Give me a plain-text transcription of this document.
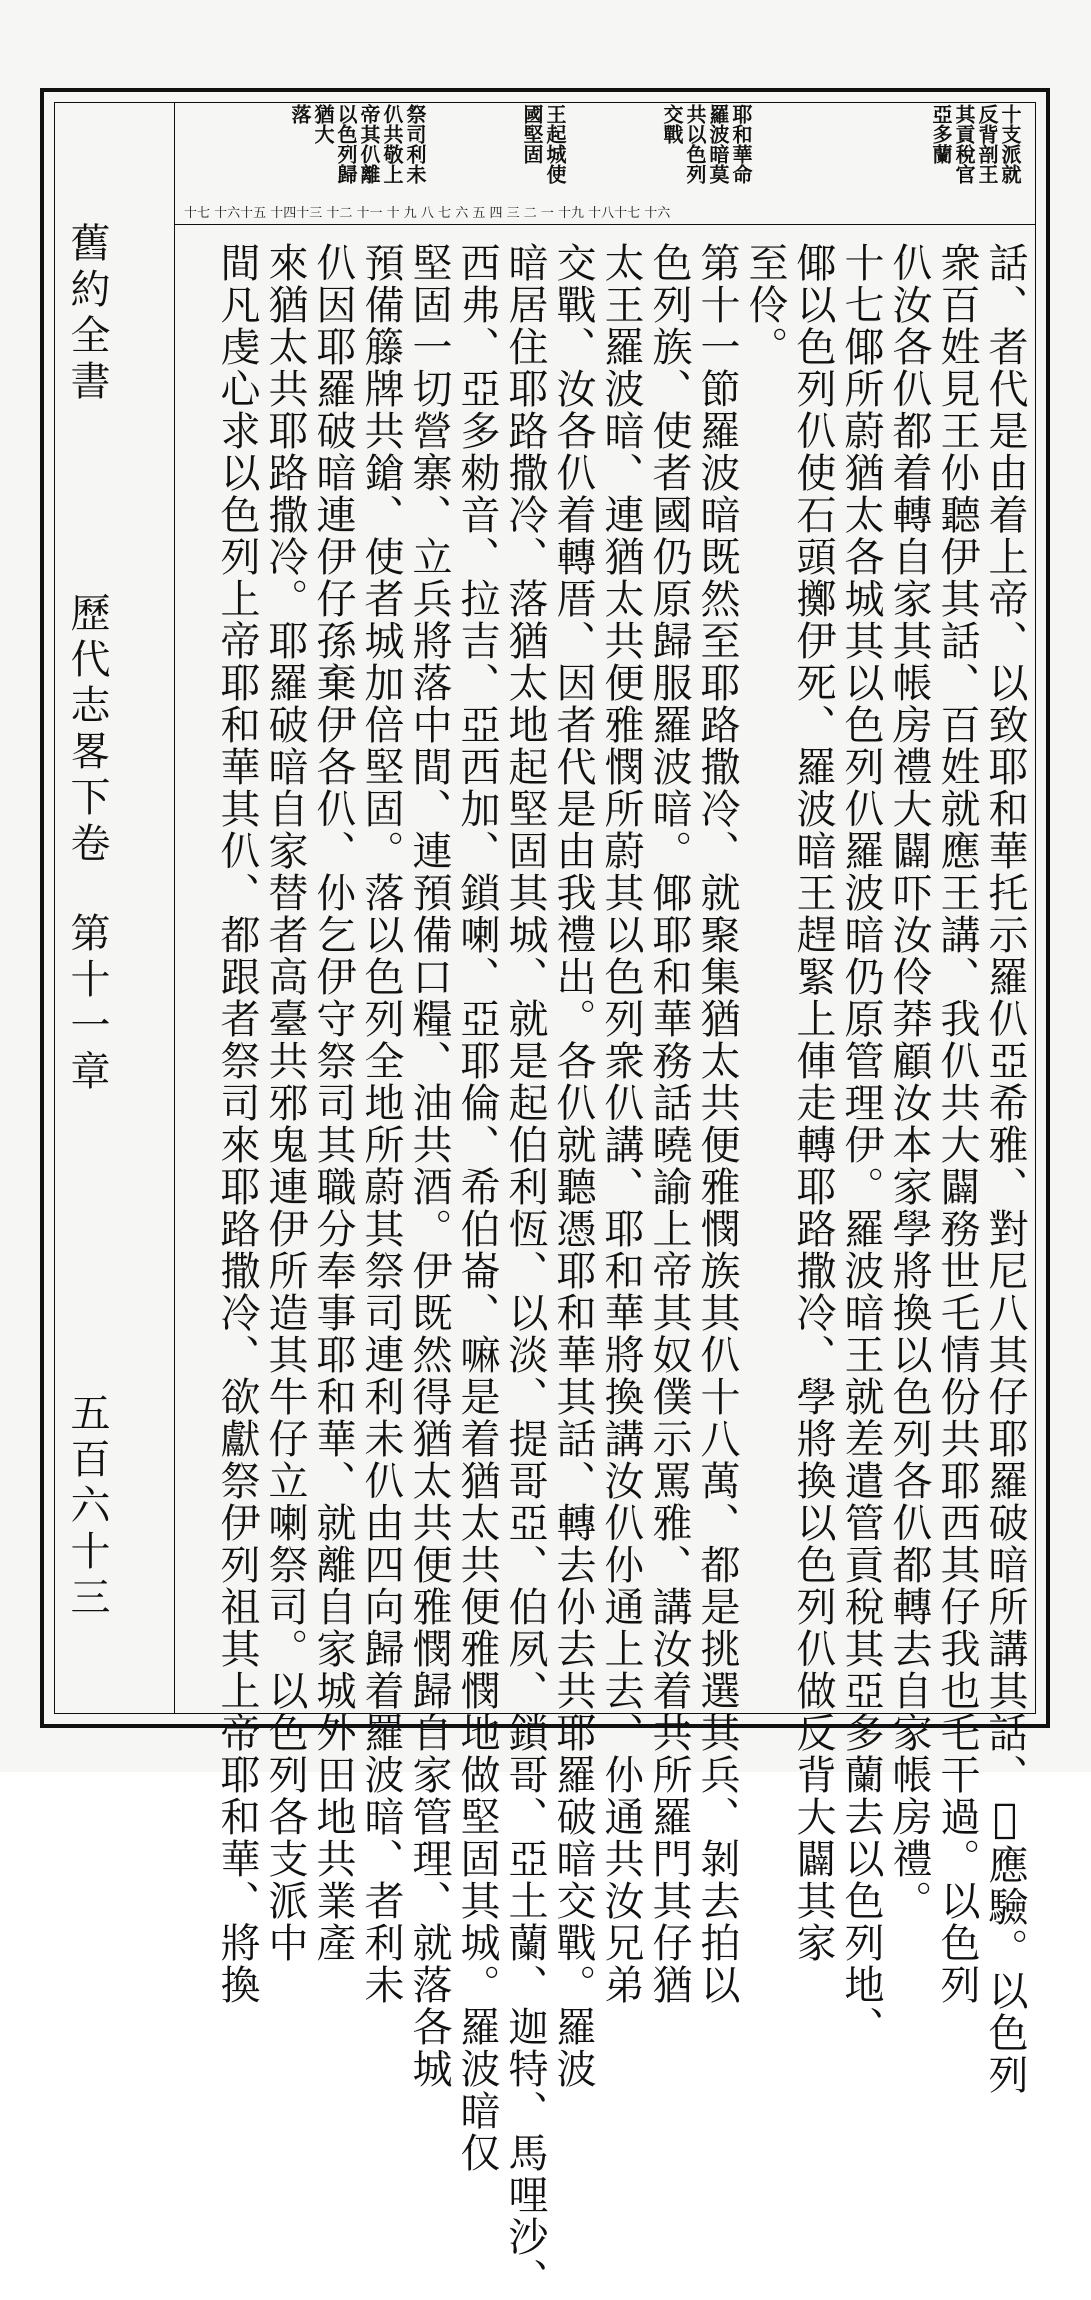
十支派就
反背剖王
其貢稅官
亞多蘭
耶和華命
羅波暗莫
共以色列
交戰
王起城使
國堅固
祭司利未
仈共敬上
帝其仈離
以色列歸
猶大
落
十七 十六十五 十四十三 十二 十一 十 九 八 七 六 五 四 三 二 一 十九 十八十七 十六
話、者代是由着上帝、以致耶和華托示羅仈亞希雅、對尼八其仔耶羅破暗所講其話、𠍂應驗。以色列
衆百姓見王仦聽伊其話、百姓就應王講、我仈共大闢務世乇情份共耶西其仔我也乇干過。以色列
仈汝各仈都着轉自家其帳房禮大闢吓汝伶莽顧汝本家學將換以色列各仈都轉去自家帳房禮。
十七倻所蔚猶太各城其以色列仈羅波暗仍原管理伊。羅波暗王就差遣管貢稅其亞多蘭去以色列地、
倻以色列仈使石頭擲伊死、羅波暗王趕緊上俥走轉耶路撒冷、學將換以色列仈做反背大闢其家
至伶。
第十一節羅波暗既然至耶路撒冷、就聚集猶太共便雅憫族其仈十八萬、都是挑選其兵、剝去拍以
色列族、使者國仍原歸服羅波暗。倻耶和華務話曉諭上帝其奴僕示罵雅、講汝着共所羅門其仔猶
太王羅波暗、連猶太共便雅憫所蔚其以色列衆仈講、耶和華將換講汝仈仦通上去、仦通共汝兄弟
交戰、汝各仈着轉厝、因者代是由我禮出。各仈就聽憑耶和華其話、轉去仦去共耶羅破暗交戰。羅波
暗居住耶路撒冷、落猶太地起堅固其城、就是起伯利恆、以淡、提哥亞、伯夙、鎖哥、亞土蘭、迦特、馬哩沙、
西弗、亞多勑音、拉吉、亞西加、鎖喇、亞耶倫、希伯崙、嘛是着猶太共便雅憫地做堅固其城。羅波暗仅
堅固一切營寨、立兵將落中間、連預備口糧、油共酒。伊既然得猶太共便雅憫歸自家管理、就落各城
預備籐牌共鎗、使者城加倍堅固。落以色列全地所蔚其祭司連利未仈由四向歸着羅波暗、者利未
仈因耶羅破暗連伊仔孫棄伊各仈、仦乞伊守祭司其職分奉事耶和華、就離自家城外田地共業產
來猶太共耶路撒冷。耶羅破暗自家替者高臺共邪鬼連伊所造其牛仔立喇祭司。以色列各支派中
間凡虔心求以色列上帝耶和華其仈、都跟者祭司來耶路撒冷、欲獻祭伊列祖其上帝耶和華、將換
舊約全書
歷代志畧下卷
第十一章
五百六十三
